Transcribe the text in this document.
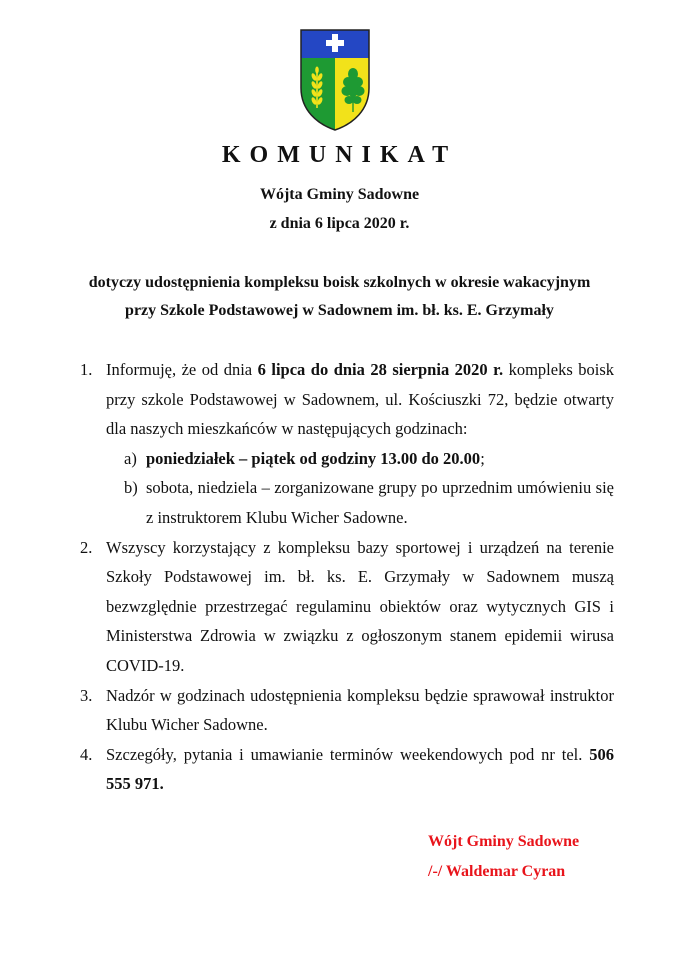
KOMUNIKAT
Wójta Gminy Sadowne
z dnia 6 lipca 2020 r.
dotyczy udostępnienia kompleksu boisk szkolnych w okresie wakacyjnym
przy Szkole Podstawowej w Sadownem im. bł. ks. E. Grzymały
1. Informuję, że od dnia 6 lipca do dnia 28 sierpnia 2020 r. kompleks boisk przy szkole Podstawowej w Sadownem, ul. Kościuszki 72, będzie otwarty dla naszych mieszkańców w następujących godzinach:
a) poniedziałek – piątek od godziny 13.00 do 20.00;
b) sobota, niedziela – zorganizowane grupy po uprzednim umówieniu się z instruktorem Klubu Wicher Sadowne.
2. Wszyscy korzystający z kompleksu bazy sportowej i urządzeń na terenie Szkoły Podstawowej im. bł. ks. E. Grzymały w Sadownem muszą bezwzględnie przestrzegać regulaminu obiektów oraz wytycznych GIS i Ministerstwa Zdrowia w związku z ogłoszonym stanem epidemii wirusa COVID-19.
3. Nadzór w godzinach udostępnienia kompleksu będzie sprawował instruktor Klubu Wicher Sadowne.
4. Szczegóły, pytania i umawianie terminów weekendowych pod nr tel. 506 555 971.
Wójt Gminy Sadowne
/-/ Waldemar Cyran
